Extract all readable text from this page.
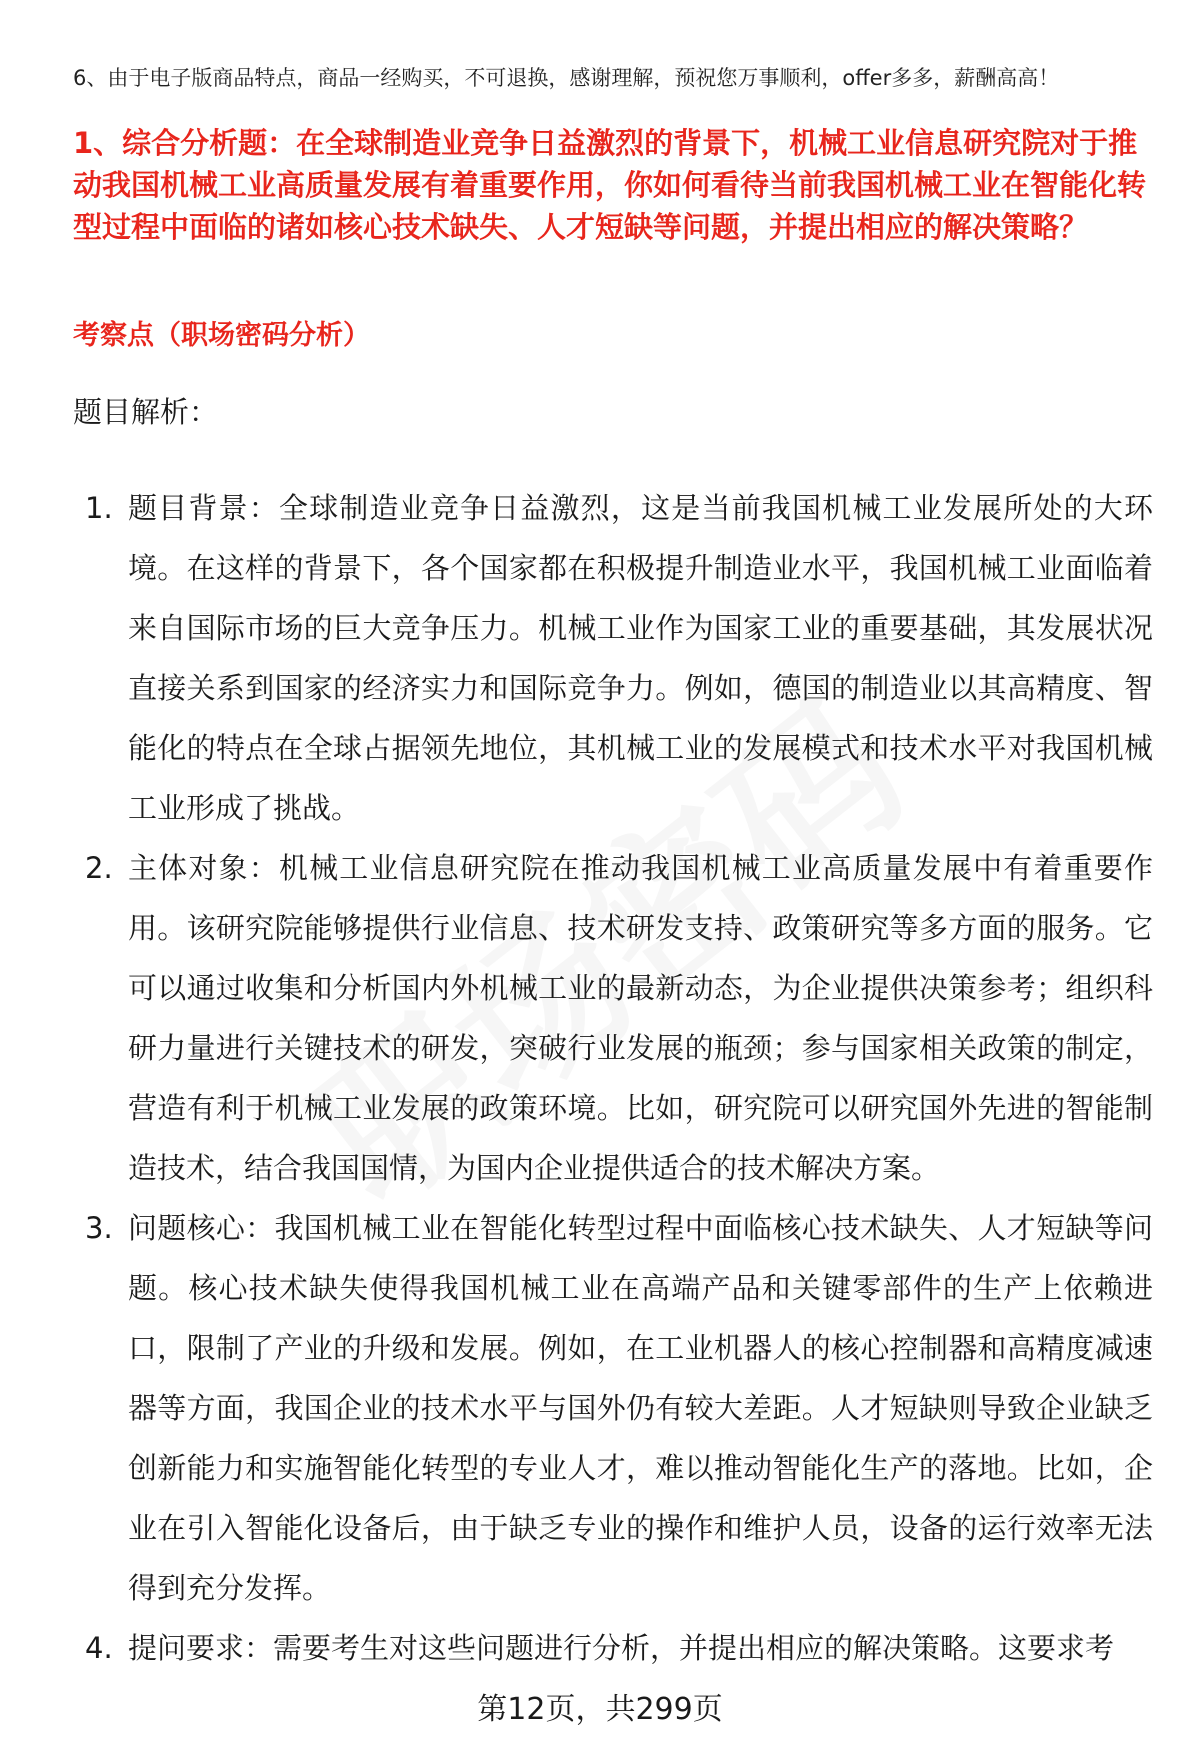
6、由于电子版商品特点，商品一经购买，不可退换，感谢理解，预祝您万事顺利，offer多多，薪酬高高！
1、综合分析题：在全球制造业竞争日益激烈的背景下，机械工业信息研究院对于推动我国机械工业高质量发展有着重要作用，你如何看待当前我国机械工业在智能化转型过程中面临的诸如核心技术缺失、人才短缺等问题，并提出相应的解决策略？
考察点（职场密码分析）
题目解析：
1. 题目背景：全球制造业竞争日益激烈，这是当前我国机械工业发展所处的大环境。在这样的背景下，各个国家都在积极提升制造业水平，我国机械工业面临着来自国际市场的巨大竞争压力。机械工业作为国家工业的重要基础，其发展状况直接关系到国家的经济实力和国际竞争力。例如，德国的制造业以其高精度、智能化的特点在全球占据领先地位，其机械工业的发展模式和技术水平对我国机械工业形成了挑战。
2. 主体对象：机械工业信息研究院在推动我国机械工业高质量发展中有着重要作用。该研究院能够提供行业信息、技术研发支持、政策研究等多方面的服务。它可以通过收集和分析国内外机械工业的最新动态，为企业提供决策参考；组织科研力量进行关键技术的研发，突破行业发展的瓶颈；参与国家相关政策的制定，营造有利于机械工业发展的政策环境。比如，研究院可以研究国外先进的智能制造技术，结合我国国情，为国内企业提供适合的技术解决方案。
3. 问题核心：我国机械工业在智能化转型过程中面临核心技术缺失、人才短缺等问题。核心技术缺失使得我国机械工业在高端产品和关键零部件的生产上依赖进口，限制了产业的升级和发展。例如，在工业机器人的核心控制器和高精度减速器等方面，我国企业的技术水平与国外仍有较大差距。人才短缺则导致企业缺乏创新能力和实施智能化转型的专业人才，难以推动智能化生产的落地。比如，企业在引入智能化设备后，由于缺乏专业的操作和维护人员，设备的运行效率无法得到充分发挥。
4. 提问要求：需要考生对这些问题进行分析，并提出相应的解决策略。这要求考
第12页，共299页
